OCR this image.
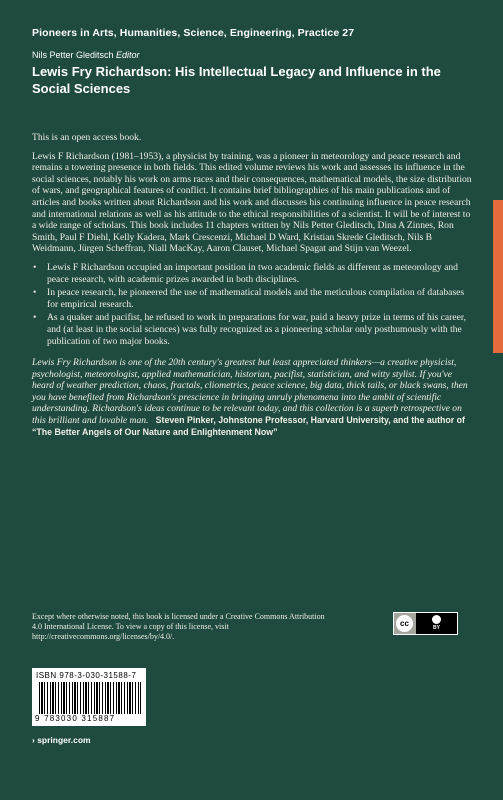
Pioneers in Arts, Humanities, Science, Engineering, Practice 27
Nils Petter Gleditsch Editor
Lewis Fry Richardson: His Intellectual Legacy and Influence in the Social Sciences

This is an open access book.

Lewis F Richardson (1981–1953), a physicist by training, was a pioneer in meteorology and peace research and remains a towering presence in both fields. This edited volume reviews his work and assesses its influence in the social sciences, notably his work on arms races and their consequences, mathematical models, the size distribution of wars, and geographical features of conflict. It contains brief bibliographies of his main publications and of articles and books written about Richardson and his work and discusses his continuing influence in peace research and international relations as well as his attitude to the ethical responsibilities of a scientist. It will be of interest to a wide range of scholars. This book includes 11 chapters written by Nils Petter Gleditsch, Dina A Zinnes, Ron Smith, Paul F Diehl, Kelly Kadera, Mark Crescenzi, Michael D Ward, Kristian Skrede Gleditsch, Nils B Weidmann, Jürgen Scheffran, Niall MacKay, Aaron Clauset, Michael Spagat and Stijn van Weezel.

• Lewis F Richardson occupied an important position in two academic fields as different as meteorology and peace research, with academic prizes awarded in both disciplines.
• In peace research, he pioneered the use of mathematical models and the meticulous compilation of databases for empirical research.
• As a quaker and pacifist, he refused to work in preparations for war, paid a heavy prize in terms of his career, and (at least in the social sciences) was fully recognized as a pioneering scholar only posthumously with the publication of two major books.

Lewis Fry Richardson is one of the 20th century's greatest but least appreciated thinkers—a creative physicist, psychologist, meteorologist, applied mathematician, historian, pacifist, statistician, and witty stylist. If you've heard of weather prediction, chaos, fractals, cliometrics, peace science, big data, thick tails, or black swans, then you have benefited from Richardson's prescience in bringing unruly phenomena into the ambit of scientific understanding. Richardson's ideas continue to be relevant today, and this collection is a superb retrospective on this brilliant and lovable man. Steven Pinker, Johnstone Professor, Harvard University, and the author of “The Better Angels of Our Nature and Enlightenment Now”

Except where otherwise noted, this book is licensed under a Creative Commons Attribution 4.0 International License. To view a copy of this license, visit http://creativecommons.org/licenses/by/4.0/.
cc	BY
ISBN 978-3-030-31588-7
9 783030 315887
› springer.com
